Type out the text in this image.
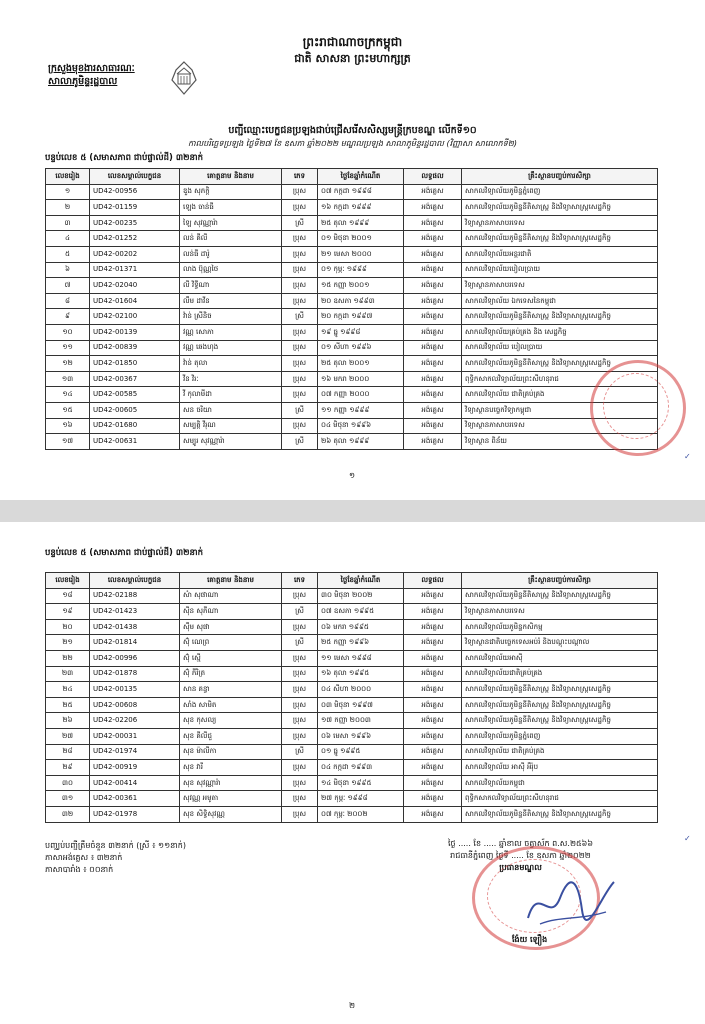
ព្រះរាជាណាចក្រកម្ពុជា
ជាតិ សាសនា ព្រះមហាក្សត្រ
ក្រសួងមុខងារសាធារណៈ
សាលាភូមិន្ទរដ្ឋបាល
បញ្ជីឈ្មោះបេក្ខជនប្រឡងជាប់ជ្រើសរើសសិស្សមន្ត្រីក្របខណ្ឌ លើកទី១០
កាលបរិច្ឆេទប្រឡង ថ្ងៃទី២៧ ខែ ឧសភា ឆ្នាំ២០២២ មណ្ឌលប្រឡង សាលាភូមិន្ទរដ្ឋបាល (វិញ្ញាសា សាលោកទី២)
បន្ទប់លេខ ៥ (សមាសភាព ជាប់ផ្ទាល់ដី) ៣២នាក់
លេខរៀង	លេខសម្គាល់បេក្ខជន	គោត្តនាម និងនាម	ភេទ	ថ្ងៃខែឆ្នាំកំណើត	លទ្ធផល	គ្រឹះស្ថានបញ្ចប់ការសិក្សា
១	UD42-00956	ឌួង សុភក្តិ	ប្រុស	០៧ កក្កដា ១៩៩៨	អង់គ្លេស	សាកលវិទ្យាល័យភូមិន្ទភ្នំពេញ
២	UD42-01159	ឡេង ចាន់ធី	ប្រុស	១៦ កក្កដា ១៩៩៩	អង់គ្លេស	សាកលវិទ្យាល័យភូមិន្ទនីតិសាស្ត្រ និងវិទ្យាសាស្ត្រសេដ្ឋកិច្ច
៣	UD42-00235	ឡៃ សុវណ្ណារ៉ា	ស្រី	២៥ តុលា ១៩៩៩	អង់គ្លេស	វិទ្យាស្ថានភាសាបរទេស
៤	UD42-01252	លន់ គីលី	ប្រុស	០១ មិថុនា ២០០១	អង់គ្លេស	សាកលវិទ្យាល័យភូមិន្ទនីតិសាស្ត្រ និងវិទ្យាសាស្ត្រសេដ្ឋកិច្ច
៥	UD42-00202	លន់ធី ដារ៉ូ	ប្រុស	២១ មេសា ២០០០	អង់គ្លេស	សាកលវិទ្យាល័យអន្តរជាតិ
៦	UD42-01371	លាង ប៊ុណ្ណថៃ	ប្រុស	០១ កុម្ភៈ ១៩៩៩	អង់គ្លេស	សាកលវិទ្យាល័យបៀលប្រាយ
៧	UD42-02040	លី វិទ្ធីណា	ប្រុស	១៥ កញ្ញា ២០០១	អង់គ្លេស	វិទ្យាស្ថានភាសាបរទេស
៨	UD42-01604	លឹម ដាវីន	ប្រុស	២០ ឧសភា ១៩៩៣	អង់គ្លេស	សាកលវិទ្យាល័យ ឯកទេសនៃកម្ពុជា
៩	UD42-02100	វ៉ាន់ ស្រីនិច	ស្រី	២០ កក្កដា ១៩៩៧	អង់គ្លេស	សាកលវិទ្យាល័យភូមិន្ទនីតិសាស្ត្រ និងវិទ្យាសាស្ត្រសេដ្ឋកិច្ច
១០	UD42-00139	វណ្ណ សោភា	ប្រុស	១៩ ធ្នូ ១៩៩៨	អង់គ្លេស	សាកលវិទ្យាល័យគ្រប់គ្រង និង សេដ្ឋកិច្ច
១១	UD42-00839	វណ្ណ ឆេងហុង	ប្រុស	០១ សីហា ១៩៩៦	អង់គ្លេស	សាកលវិទ្យាល័យ បៀលប្រាយ
១២	UD42-01850	វ៉ាន់ តុលា	ប្រុស	២៥ តុលា ២០០១	អង់គ្លេស	សាកលវិទ្យាល័យភូមិន្ទនីតិសាស្ត្រ និងវិទ្យាសាស្ត្រសេដ្ឋកិច្ច
១៣	UD42-00367	វីន វិរៈ	ប្រុស	១៦ មករា ២០០០	អង់គ្លេស	ពុទ្ធិកសាកលវិទ្យាល័យព្រះសីហនុរាជ
១៤	UD42-00585	វី កុលាមីដា	ប្រុស	០៧ កញ្ញា ២០០០	អង់គ្លេស	សាកលវិទ្យាល័យ ជាតិគ្រប់គ្រង
១៥	UD42-00605	សន ចរិយា	ស្រី	១១ កញ្ញា ១៩៩៩	អង់គ្លេស	វិទ្យាស្ថានបច្ចេកវិទ្យាកម្ពុជា
១៦	UD42-01680	សម្បត្តិ វីរុណ	ប្រុស	០៤ មិថុនា ១៩៩៦	អង់គ្លេស	វិទ្យាស្ថានភាសាបរទេស
១៧	UD42-00631	សម្បូរ សុវណ្ណារ៉ា	ស្រី	២៦ តុលា ១៩៩៩	អង់គ្លេស	វិទ្យាស្ថាន ពិន័យ
១
✓
បន្ទប់លេខ ៥ (សមាសភាព ជាប់ផ្ទាល់ដី) ៣២នាក់
លេខរៀង	លេខសម្គាល់បេក្ខជន	គោត្តនាម និងនាម	ភេទ	ថ្ងៃខែឆ្នាំកំណើត	លទ្ធផល	គ្រឹះស្ថានបញ្ចប់ការសិក្សា
១៨	UD42-02188	សំា សុផាណា	ប្រុស	៣០ មិថុនា ២០០២	អង់គ្លេស	សាកលវិទ្យាល័យភូមិន្ទនីតិសាស្ត្រ និងវិទ្យាសាស្ត្រសេដ្ឋកិច្ច
១៩	UD42-01423	ស៊ីន សុភីណា	ស្រី	០៧ ឧសភា ១៩៩៥	អង់គ្លេស	វិទ្យាស្ថានភាសាបរទេស
២០	UD42-01438	ស៊ឹម សុផា	ប្រុស	០៦ មករា ១៩៩៥	អង់គ្លេស	សាកលវិទ្យាល័យភូមិន្ទកសិកម្ម
២១	UD42-01814	ស៊ុំ ណេព្រ	ស្រី	២៥ កញ្ញា ១៩៩៦	អង់គ្លេស	វិទ្យាស្ថានជាតិបច្ចេកទេសអប់រំ និងបណ្ដុះបណ្ដាល
២២	UD42-00996	ស៊ុំ ស្មើ	ប្រុស	១១ មេសា ១៩៩៨	អង់គ្លេស	សាកលវិទ្យាល័យអាស៊ី
២៣	UD42-01878	ស៊ុំ ភីរិត្រ	ប្រុស	១៦ តុលា ១៩៩៥	អង់គ្លេស	សាកលវិទ្យាល័យជាតិគ្រប់គ្រង
២៤	UD42-00135	សាន គន្ធា	ប្រុស	០៤ សីហា ២០០០	អង់គ្លេស	សាកលវិទ្យាល័យភូមិន្ទនីតិសាស្ត្រ និងវិទ្យាសាស្ត្រសេដ្ឋកិច្ច
២៥	UD42-00608	សាំង សាមិត	ប្រុស	០៣ មិថុនា ១៩៩៧	អង់គ្លេស	សាកលវិទ្យាល័យភូមិន្ទនីតិសាស្ត្រ និងវិទ្យាសាស្ត្រសេដ្ឋកិច្ច
២៦	UD42-02206	សុខ កុសល្យ	ប្រុស	១៧ កញ្ញា ២០០៣	អង់គ្លេស	សាកលវិទ្យាល័យភូមិន្ទនីតិសាស្ត្រ និងវិទ្យាសាស្ត្រសេដ្ឋកិច្ច
២៧	UD42-00031	សុខ គីលីជួ	ប្រុស	០៦ មេសា ១៩៩៦	អង់គ្លេស	សាកលវិទ្យាល័យភូមិន្ទភ្នំពេញ
២៨	UD42-01974	សុខ ម៉ាលីកា	ស្រី	០១ ធ្នូ ១៩៩៥	អង់គ្លេស	សាកលវិទ្យាល័យ ជាតិគ្រប់គ្រង
២៩	UD42-00919	សុខ វារី	ប្រុស	០៤ កក្កដា ១៩៩៣	អង់គ្លេស	សាកលវិទ្យាល័យ អាស៊ី អឺរ៉ុប
៣០	UD42-00414	សុខ សុវណ្ណារ៉ា	ប្រុស	១៤ មិថុនា ១៩៩៥	អង់គ្លេស	សាកលវិទ្យាល័យកម្ពុជា
៣១	UD42-00361	សុវណ្ណ អមូតា	ប្រុស	២៧ កុម្ភៈ ១៩៩៨	អង់គ្លេស	ពុទ្ធិកសាកលវិទ្យាល័យព្រះសីហនុរាជ
៣២	UD42-01978	សុខ សិទ្ធិសុវណ្ណ	ប្រុស	០៧ កុម្ភៈ ២០០២	អង់គ្លេស	សាកលវិទ្យាល័យភូមិន្ទនីតិសាស្ត្រ និងវិទ្យាសាស្ត្រសេដ្ឋកិច្ច
បញ្ឈប់បញ្ជីត្រឹមចំនួន ៣២នាក់ (ស្រី ៖ ១១នាក់)
ភាសាអង់គ្លេស ៖ ៣២នាក់
ភាសាបារាំង ៖ ០០នាក់
ថ្ងៃ ..... ខែ ..... ឆ្នាំខាល ចត្វាស័ក ព.ស.២៥៦៦
រាជធានីភ្នំពេញ ថ្ងៃទី ..... ខែ ឧសភា ឆ្នាំ២០២២
ប្រធានមណ្ឌល
ង៉ែយ ឡឿង
២
✓
